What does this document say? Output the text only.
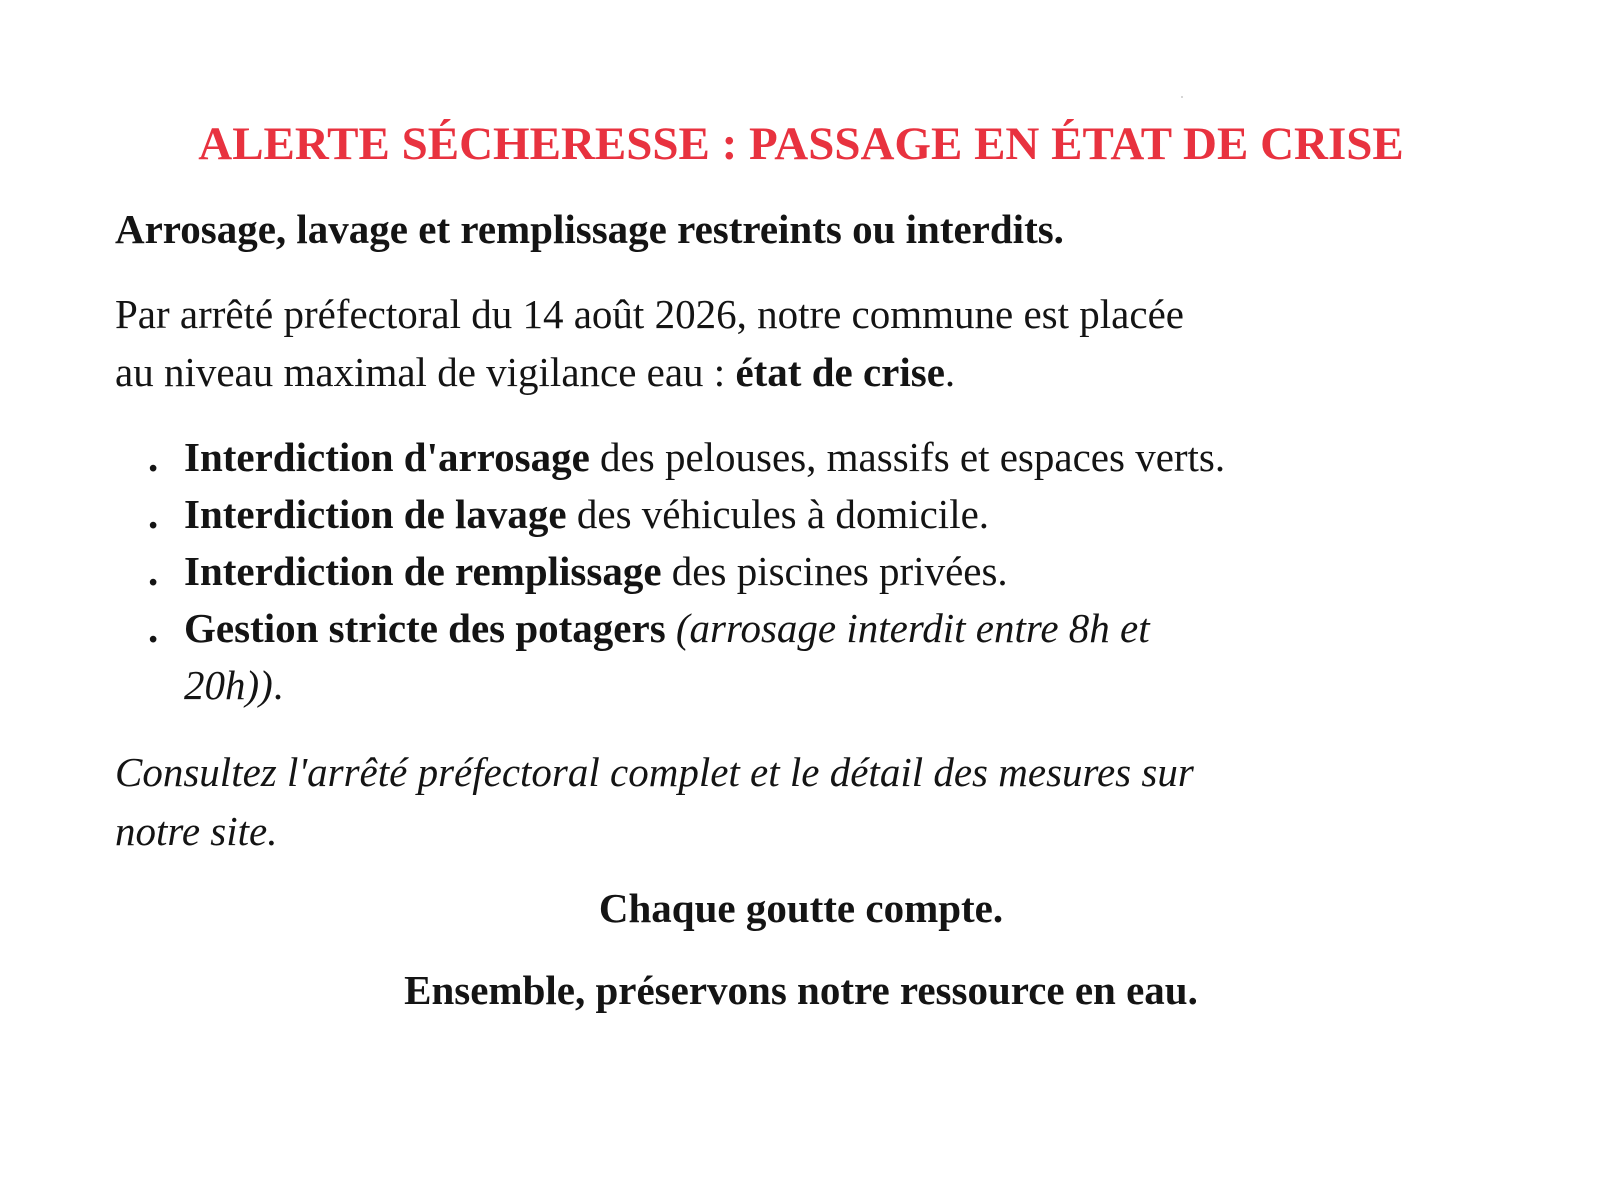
ALERTE SÉCHERESSE : PASSAGE EN ÉTAT DE CRISE
Arrosage, lavage et remplissage restreints ou interdits.
Par arrêté préfectoral du 14 août 2026, notre commune est placée
au niveau maximal de vigilance eau : état de crise.
. Interdiction d'arrosage des pelouses, massifs et espaces verts.
. Interdiction de lavage des véhicules à domicile.
. Interdiction de remplissage des piscines privées.
. Gestion stricte des potagers (arrosage interdit entre 8h et
20h)).
Consultez l'arrêté préfectoral complet et le détail des mesures sur
notre site.
Chaque goutte compte.
Ensemble, préservons notre ressource en eau.
